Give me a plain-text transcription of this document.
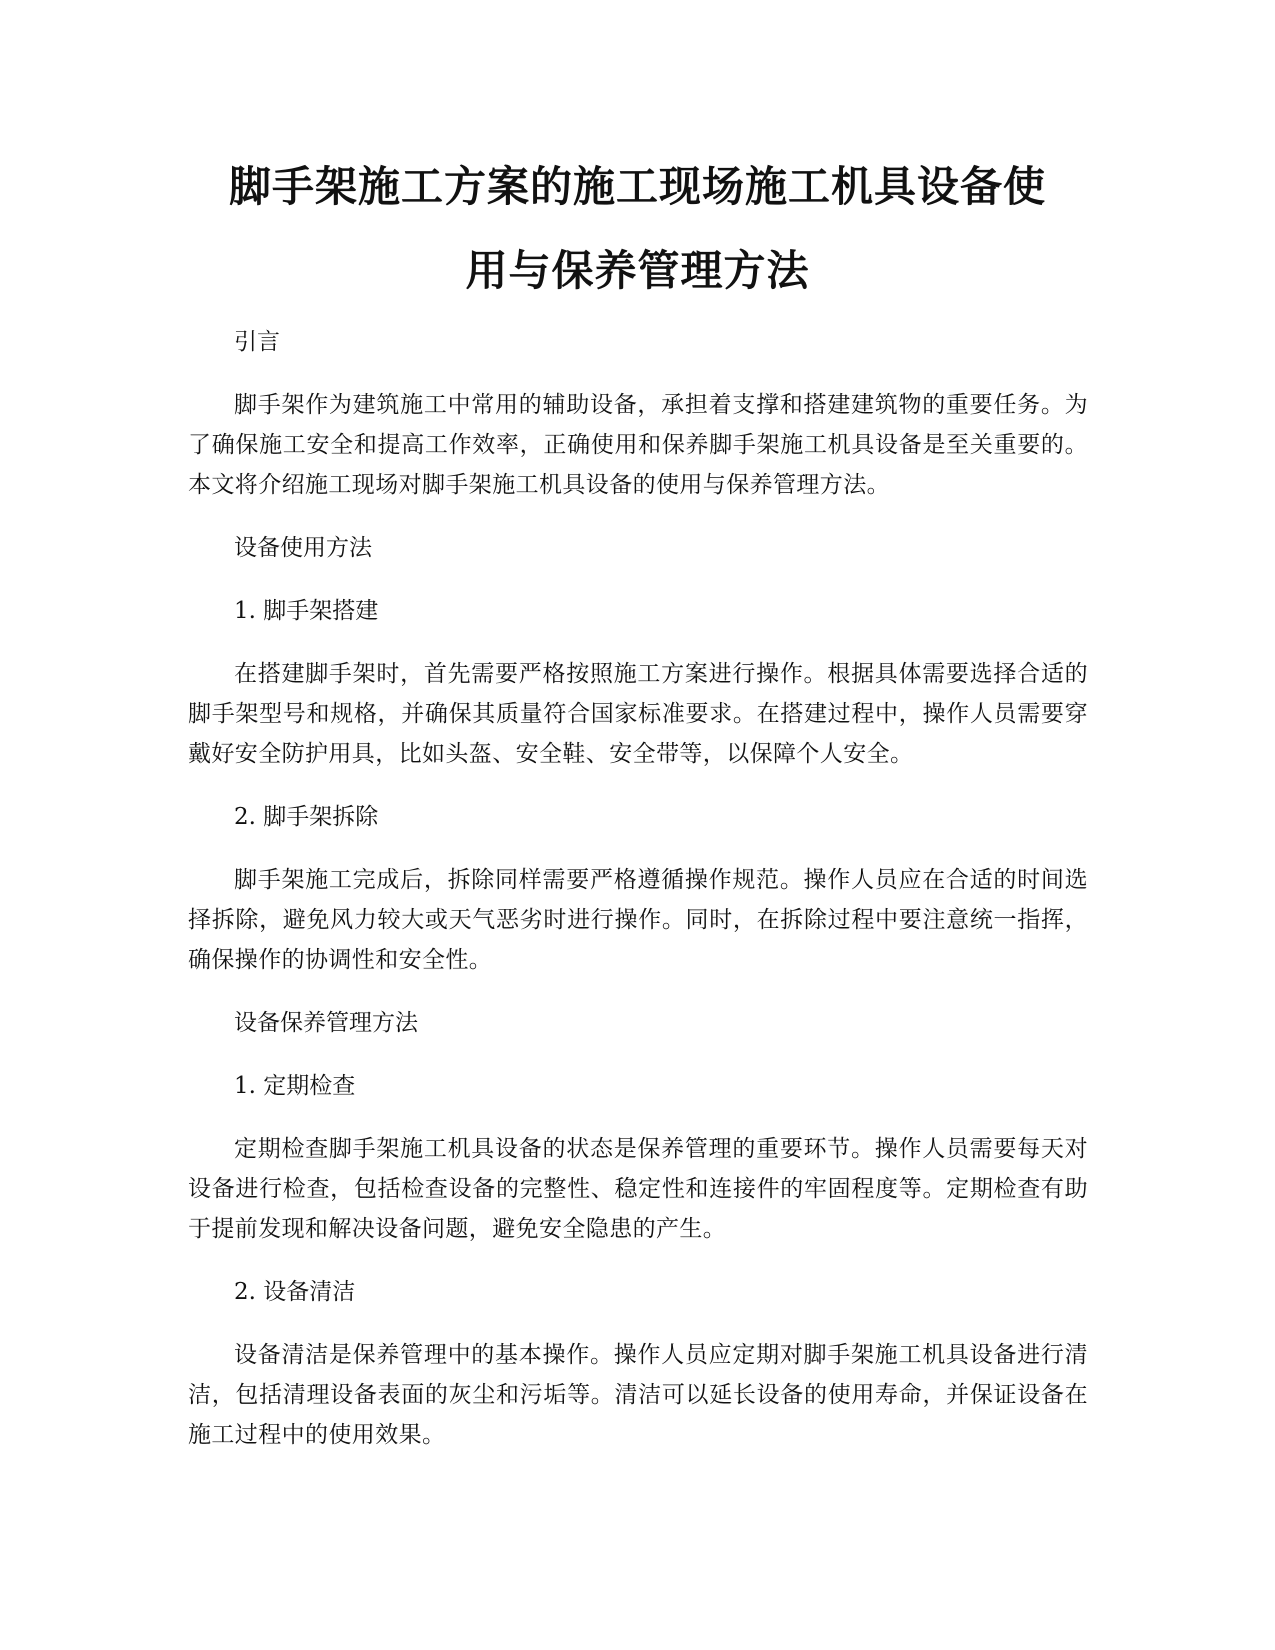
脚手架施工方案的施工现场施工机具设备使
用与保养管理方法

引言

脚手架作为建筑施工中常用的辅助设备，承担着支撑和搭建建筑物的重要任务。为了确保施工安全和提高工作效率，正确使用和保养脚手架施工机具设备是至关重要的。本文将介绍施工现场对脚手架施工机具设备的使用与保养管理方法。

设备使用方法

1. 脚手架搭建

在搭建脚手架时，首先需要严格按照施工方案进行操作。根据具体需要选择合适的脚手架型号和规格，并确保其质量符合国家标准要求。在搭建过程中，操作人员需要穿戴好安全防护用具，比如头盔、安全鞋、安全带等，以保障个人安全。

2. 脚手架拆除

脚手架施工完成后，拆除同样需要严格遵循操作规范。操作人员应在合适的时间选择拆除，避免风力较大或天气恶劣时进行操作。同时，在拆除过程中要注意统一指挥，确保操作的协调性和安全性。

设备保养管理方法

1. 定期检查

定期检查脚手架施工机具设备的状态是保养管理的重要环节。操作人员需要每天对设备进行检查，包括检查设备的完整性、稳定性和连接件的牢固程度等。定期检查有助于提前发现和解决设备问题，避免安全隐患的产生。

2. 设备清洁

设备清洁是保养管理中的基本操作。操作人员应定期对脚手架施工机具设备进行清洁，包括清理设备表面的灰尘和污垢等。清洁可以延长设备的使用寿命，并保证设备在施工过程中的使用效果。
